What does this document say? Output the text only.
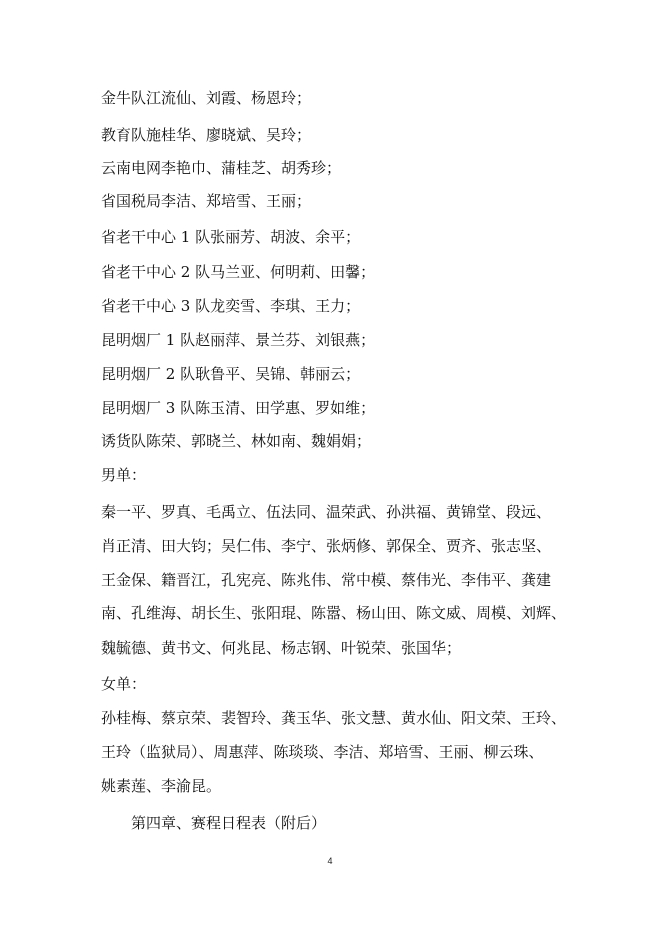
金牛队江流仙、刘霞、杨恩玲；
教育队施桂华、廖晓斌、吴玲；
云南电网李艳巾、蒲桂芝、胡秀珍；
省国税局李洁、郑培雪、王丽；
省老干中心 1 队张丽芳、胡波、余平；
省老干中心 2 队马兰亚、何明莉、田馨；
省老干中心 3 队龙奕雪、李琪、王力；
昆明烟厂 1 队赵丽萍、景兰芬、刘银燕；
昆明烟厂 2 队耿鲁平、吴锦、韩丽云；
昆明烟厂 3 队陈玉清、田学惠、罗如维；
诱货队陈荣、郭晓兰、林如南、魏娟娟；
男单：
秦一平、罗真、毛禹立、伍法同、温荣武、孙洪福、黄锦堂、段远、
肖正清、田大钧；吴仁伟、李宁、张炳修、郭保全、贾齐、张志坚、
王金保、籍晋江，孔宪亮、陈兆伟、常中模、蔡伟光、李伟平、龚建
南、孔维海、胡长生、张阳琨、陈嚣、杨山田、陈文威、周模、刘辉、
魏毓德、黄书文、何兆昆、杨志钢、叶锐荣、张国华；
女单：
孙桂梅、蔡京荣、裴智玲、龚玉华、张文慧、黄水仙、阳文荣、王玲、
王玲（监狱局）、周惠萍、陈琰琰、李洁、郑培雪、王丽、柳云珠、
姚素莲、李渝昆。
第四章、赛程日程表（附后）
4
